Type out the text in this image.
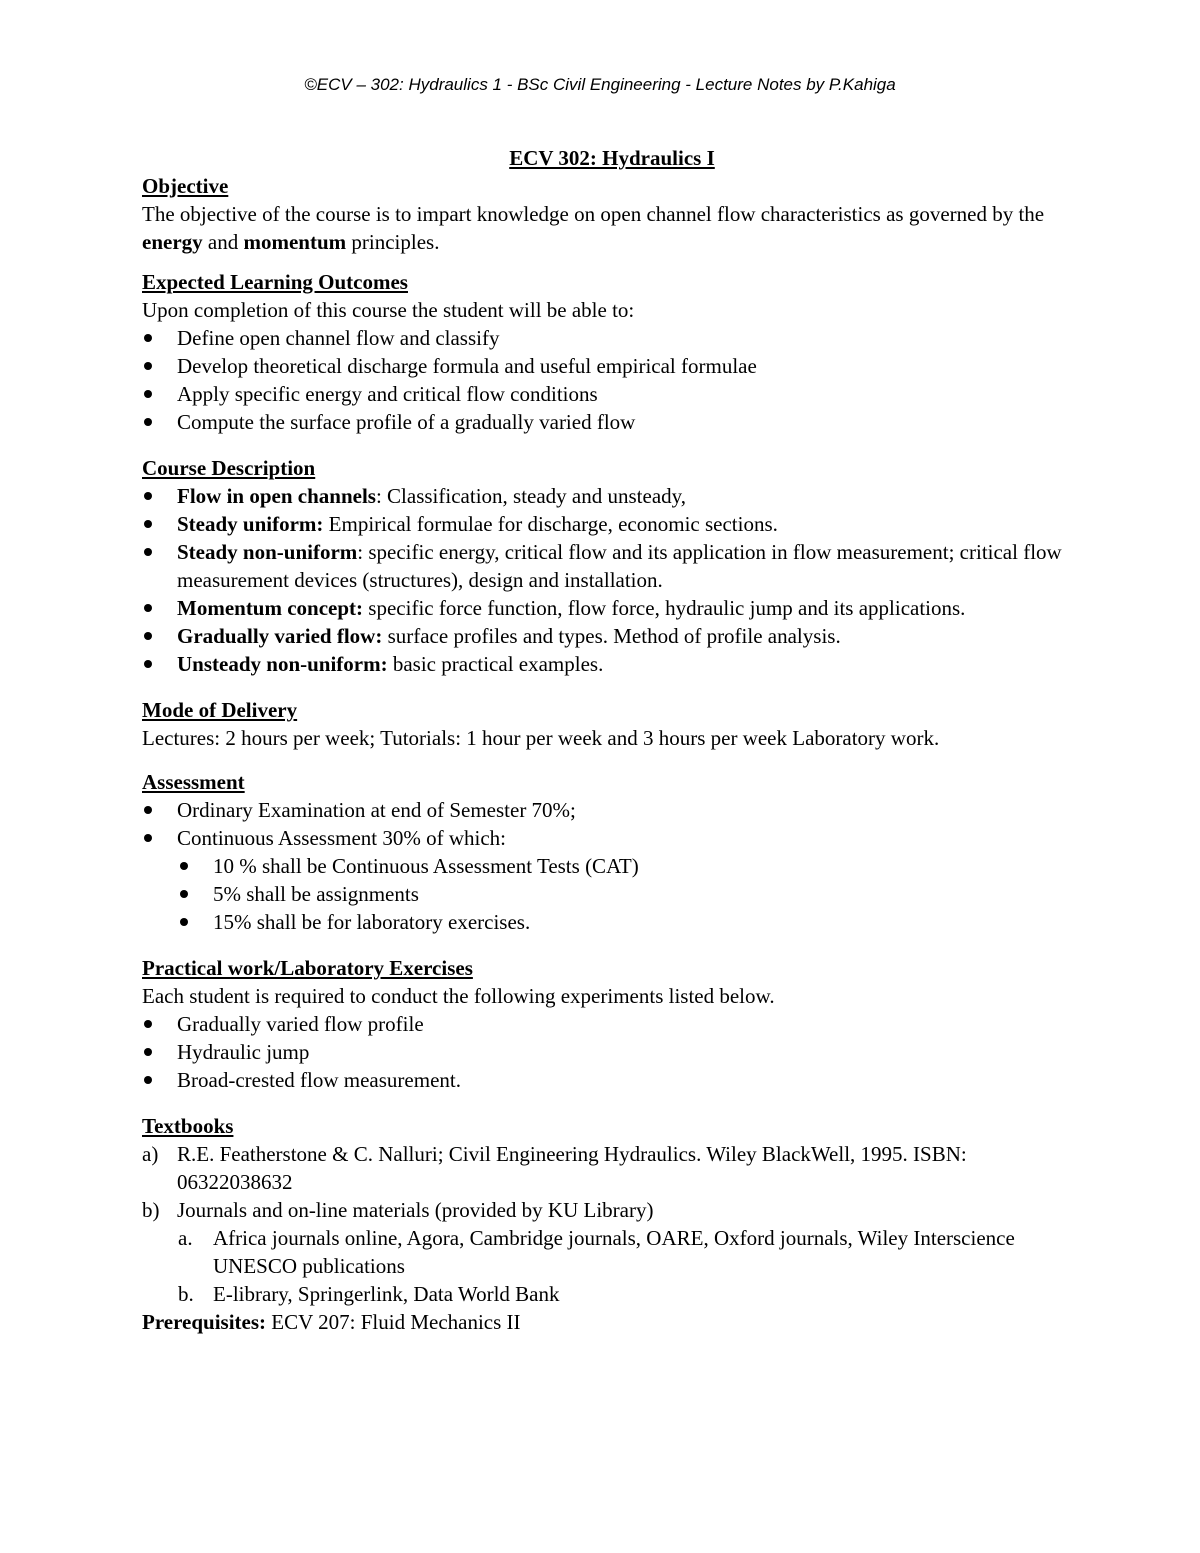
©ECV – 302: Hydraulics 1 - BSc Civil Engineering - Lecture Notes by P.Kahiga
ECV 302: Hydraulics I
Objective

The objective of the course is to impart knowledge on open channel flow characteristics as governed by the energy and momentum principles.

Expected Learning Outcomes

Upon completion of this course the student will be able to:

Define open channel flow and classify
Develop theoretical discharge formula and useful empirical formulae
Apply specific energy and critical flow conditions
Compute the surface profile of a gradually varied flow
Course Description
Flow in open channels: Classification, steady and unsteady,
Steady uniform: Empirical formulae for discharge, economic sections.
Steady non-uniform: specific energy, critical flow and its application in flow measurement; critical flow measurement devices (structures), design and installation.
Momentum concept: specific force function, flow force, hydraulic jump and its applications.
Gradually varied flow: surface profiles and types. Method of profile analysis.
Unsteady non-uniform: basic practical examples.
Mode of Delivery

Lectures: 2 hours per week; Tutorials: 1 hour per week and 3 hours per week Laboratory work.

Assessment
Ordinary Examination at end of Semester 70%;
Continuous Assessment 30% of which:
10 % shall be Continuous Assessment Tests (CAT)
5% shall be assignments
15% shall be for laboratory exercises.
Practical work/Laboratory Exercises

Each student is required to conduct the following experiments listed below.

Gradually varied flow profile
Hydraulic jump
Broad-crested flow measurement.
Textbooks
a) R.E. Featherstone & C. Nalluri; Civil Engineering Hydraulics. Wiley BlackWell, 1995. ISBN: 06322038632
b) Journals and on-line materials (provided by KU Library)
a. Africa journals online, Agora, Cambridge journals, OARE, Oxford journals, Wiley Interscience UNESCO publications
b. E-library, Springerlink, Data World Bank

Prerequisites: ECV 207: Fluid Mechanics II
